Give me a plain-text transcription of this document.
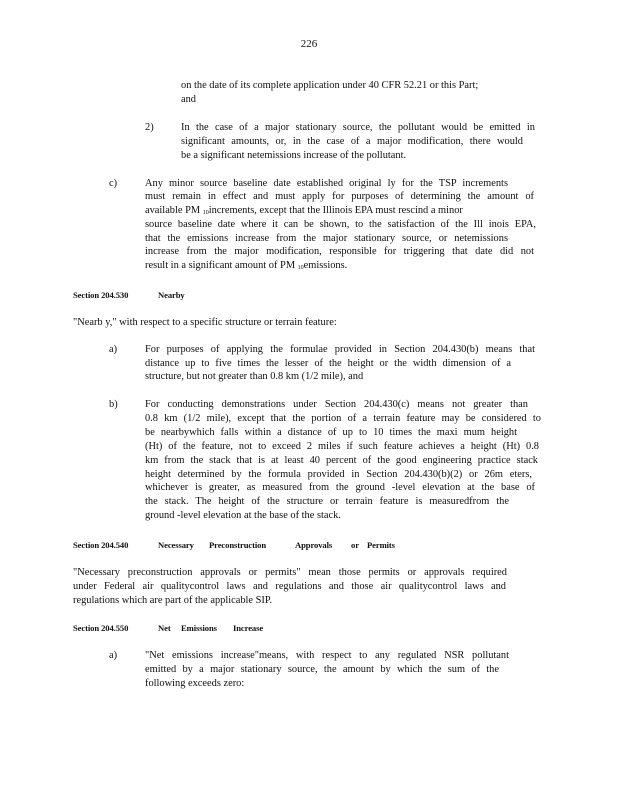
226
on the date of its complete application under 40 CFR 52.21 or this Part;
and
2)	In the case of a major stationary source, the pollutant would be emitted in
significant amounts, or, in the case of a major modification, there would
be a significant netemissions increase of the pollutant.
c)	Any minor source baseline date established original ly for the TSP increments
must remain in effect and must apply for purposes of determining the amount of
available PM 10increments, except that the Illinois EPA must rescind a minor
source baseline date where it can be shown, to the satisfaction of the Ill inois EPA,
that the emissions increase from the major stationary source, or netemissions
increase from the major modification, responsible for triggering that date did not
result in a significant amount of PM 10emissions.
Section 204.530	Nearby
"Nearb y," with respect to a specific structure or terrain feature:
a)	For purposes of applying the formulae provided in Section 204.430(b) means that
distance up to five times the lesser of the height or the width dimension of a
structure, but not greater than 0.8 km (1/2 mile), and
b)	For conducting demonstrations under Section 204.430(c) means not greater than
0.8 km (1/2 mile), except that the portion of a terrain feature may be considered to
be nearbywhich falls within a distance of up to 10 times the maxi mum height
(Ht) of the feature, not to exceed 2 miles if such feature achieves a height (Ht) 0.8
km from the stack that is at least 40 percent of the good engineering practice stack
height determined by the formula provided in Section 204.430(b)(2) or 26m eters,
whichever is greater, as measured from the ground -level elevation at the base of
the stack. The height of the structure or terrain feature is measuredfrom the
ground -level elevation at the base of the stack.
Section 204.540	Necessary Preconstruction	Approvals or Permits
"Necessary preconstruction approvals or permits" mean those permits or approvals required
under Federal air qualitycontrol laws and regulations and those air qualitycontrol laws and
regulations which are part of the applicable SIP.
Section 204.550	Net Emissions Increase
a)	"Net emissions increase"means, with respect to any regulated NSR pollutant
emitted by a major stationary source, the amount by which the sum of the
following exceeds zero:
